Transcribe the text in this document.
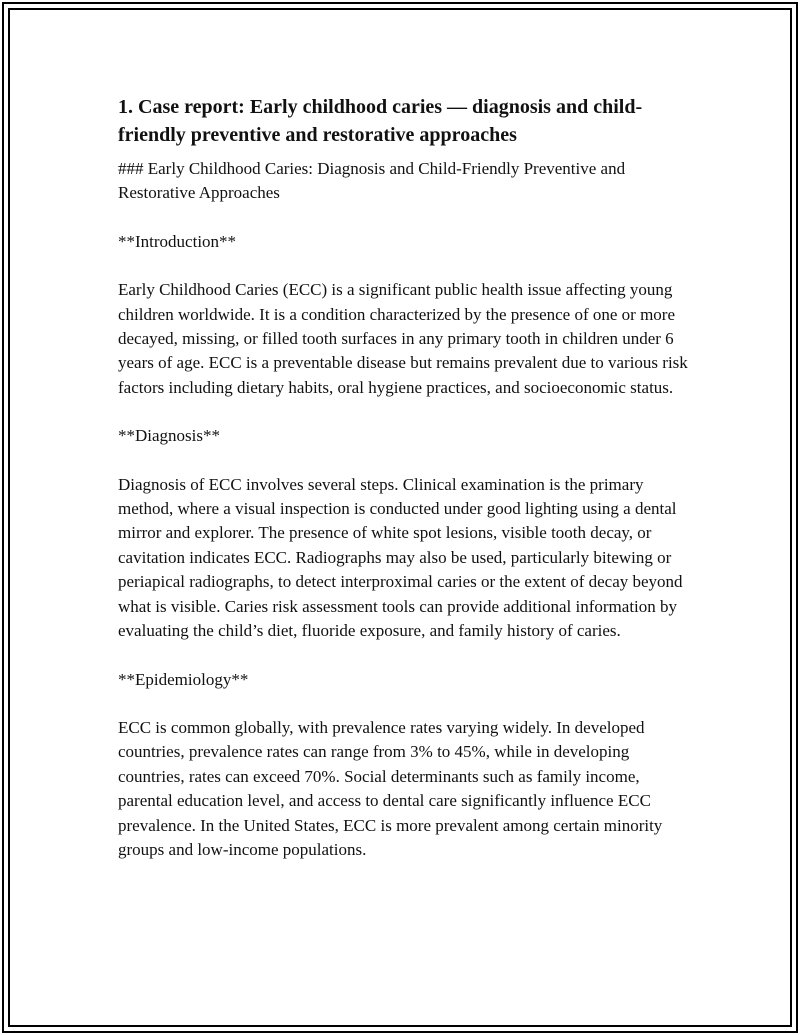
1. Case report: Early childhood caries — diagnosis and child-friendly preventive and restorative approaches

### Early Childhood Caries: Diagnosis and Child-Friendly Preventive and Restorative Approaches

**Introduction**

Early Childhood Caries (ECC) is a significant public health issue affecting young children worldwide. It is a condition characterized by the presence of one or more decayed, missing, or filled tooth surfaces in any primary tooth in children under 6 years of age. ECC is a preventable disease but remains prevalent due to various risk factors including dietary habits, oral hygiene practices, and socioeconomic status.

**Diagnosis**

Diagnosis of ECC involves several steps. Clinical examination is the primary method, where a visual inspection is conducted under good lighting using a dental mirror and explorer. The presence of white spot lesions, visible tooth decay, or cavitation indicates ECC. Radiographs may also be used, particularly bitewing or periapical radiographs, to detect interproximal caries or the extent of decay beyond what is visible. Caries risk assessment tools can provide additional information by evaluating the child’s diet, fluoride exposure, and family history of caries.

**Epidemiology**

ECC is common globally, with prevalence rates varying widely. In developed countries, prevalence rates can range from 3% to 45%, while in developing countries, rates can exceed 70%. Social determinants such as family income, parental education level, and access to dental care significantly influence ECC prevalence. In the United States, ECC is more prevalent among certain minority groups and low-income populations.
